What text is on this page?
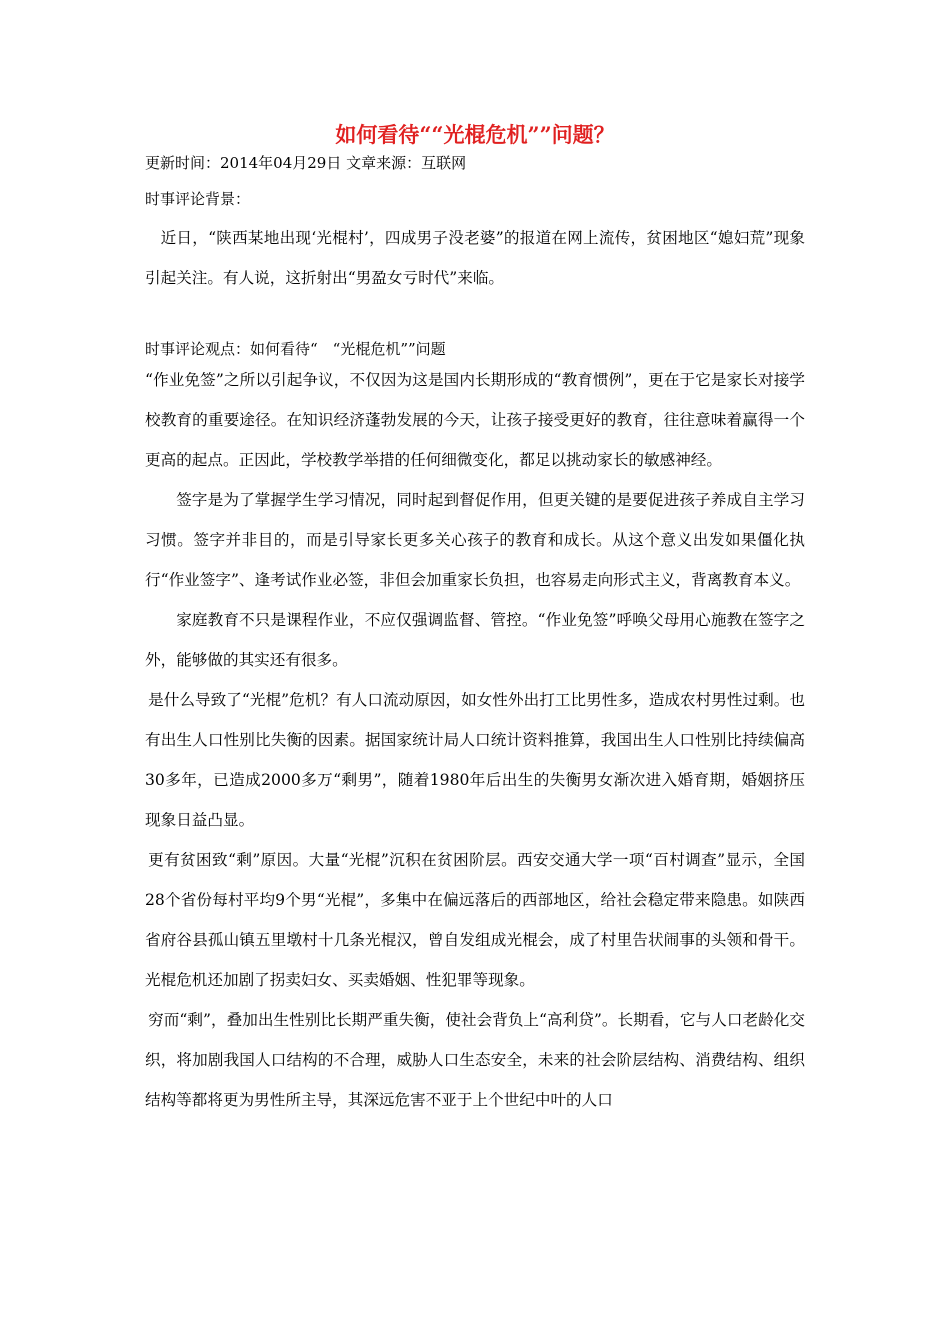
如何看待““光棍危机””问题？

更新时间：2014年04月29日 文章来源：互联网

时事评论背景：

近日，“陕西某地出现‘光棍村’，四成男子没老婆”的报道在网上流传，贫困地区“媳妇荒”现象引起关注。有人说，这折射出“男盈女亏时代”来临。

时事评论观点：如何看待“　“光棍危机””问题

“作业免签”之所以引起争议，不仅因为这是国内长期形成的“教育惯例”，更在于它是家长对接学校教育的重要途径。在知识经济蓬勃发展的今天，让孩子接受更好的教育，往往意味着赢得一个更高的起点。正因此，学校教学举措的任何细微变化，都足以挑动家长的敏感神经。

签字是为了掌握学生学习情况，同时起到督促作用，但更关键的是要促进孩子养成自主学习习惯。签字并非目的，而是引导家长更多关心孩子的教育和成长。从这个意义出发如果僵化执行“作业签字”、逢考试作业必签，非但会加重家长负担，也容易走向形式主义，背离教育本义。

家庭教育不只是课程作业，不应仅强调监督、管控。“作业免签”呼唤父母用心施教在签字之外，能够做的其实还有很多。

是什么导致了“光棍”危机？有人口流动原因，如女性外出打工比男性多，造成农村男性过剩。也有出生人口性别比失衡的因素。据国家统计局人口统计资料推算，我国出生人口性别比持续偏高30多年，已造成2000多万“剩男”，随着1980年后出生的失衡男女渐次进入婚育期，婚姻挤压现象日益凸显。

更有贫困致“剩”原因。大量“光棍”沉积在贫困阶层。西安交通大学一项“百村调查”显示，全国28个省份每村平均9个男“光棍”，多集中在偏远落后的西部地区，给社会稳定带来隐患。如陕西省府谷县孤山镇五里墩村十几条光棍汉，曾自发组成光棍会，成了村里告状闹事的头领和骨干。光棍危机还加剧了拐卖妇女、买卖婚姻、性犯罪等现象。

穷而“剩”，叠加出生性别比长期严重失衡，使社会背负上“高利贷”。长期看，它与人口老龄化交织，将加剧我国人口结构的不合理，威胁人口生态安全，未来的社会阶层结构、消费结构、组织结构等都将更为男性所主导，其深远危害不亚于上个世纪中叶的人口
